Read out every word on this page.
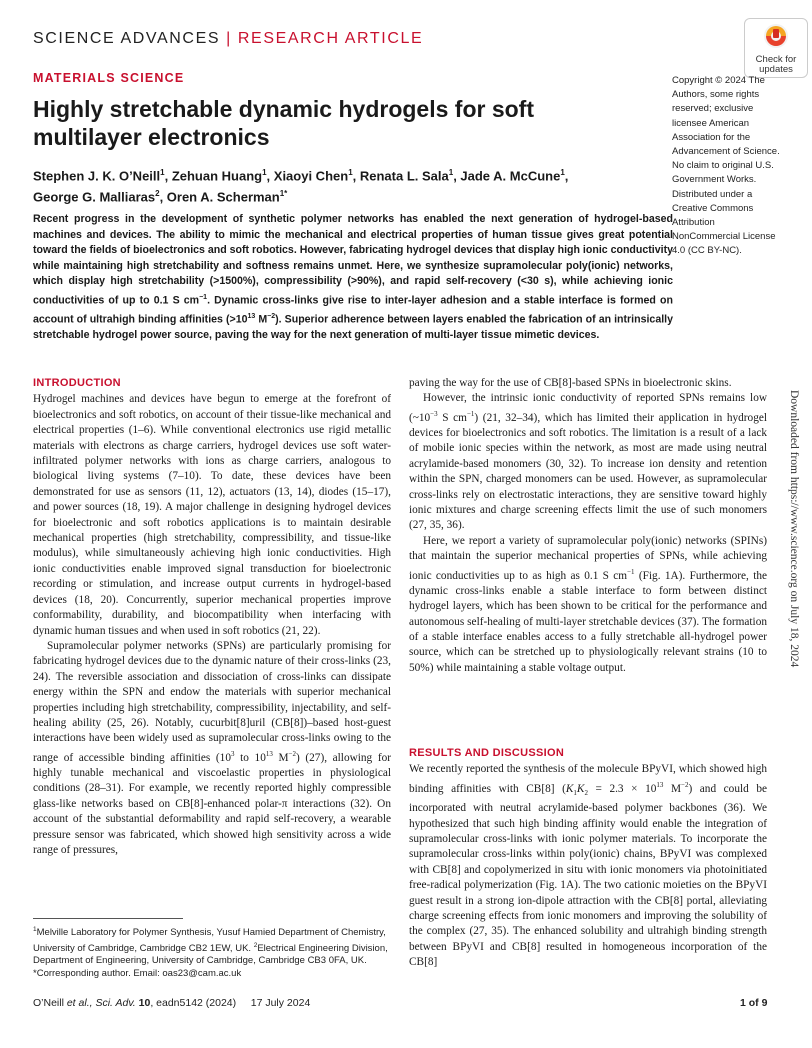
SCIENCE ADVANCES | RESEARCH ARTICLE
Check for updates
MATERIALS SCIENCE
Highly stretchable dynamic hydrogels for soft multilayer electronics
Stephen J. K. O’Neill$^1$, Zehuan Huang$^1$, Xiaoyi Chen$^1$, Renata L. Sala$^1$, Jade A. McCune$^1$,
George G. Malliaras$^2$, Oren A. Scherman$^{1*}$
Copyright © 2024 The Authors, some rights reserved; exclusive licensee American Association for the Advancement of Science. No claim to original U.S. Government Works. Distributed under a Creative Commons Attribution NonCommercial License 4.0 (CC BY-NC).
Recent progress in the development of synthetic polymer networks has enabled the next generation of hydrogel-based machines and devices. The ability to mimic the mechanical and electrical properties of human tissue gives great potential toward the fields of bioelectronics and soft robotics. However, fabricating hydrogel devices that display high ionic conductivity while maintaining high stretchability and softness remains unmet. Here, we synthesize supramolecular poly(ionic) networks, which display high stretchability (>1500%), compressibility (>90%), and rapid self-recovery (<30 s), while achieving ionic conductivities of up to 0.1 S $cm^{-1}$. Dynamic cross-links give rise to inter-layer adhesion and a stable interface is formed on account of ultrahigh binding affinities ($>10^{13}$ $M^{-2}$). Superior adherence between layers enabled the fabrication of an intrinsically stretchable hydrogel power source, paving the way for the next generation of multi-layer tissue mimetic devices.
INTRODUCTION

Hydrogel machines and devices have begun to emerge at the forefront of bioelectronics and soft robotics, on account of their tissue-like mechanical and electrical properties (1–6). While conventional electronics use rigid metallic materials with electrons as charge carriers, hydrogel devices use soft water-infiltrated polymer networks with ions as charge carriers, analogous to biological living systems (7–10). To date, these devices have been demonstrated for use as sensors (11, 12), actuators (13, 14), diodes (15–17), and power sources (18, 19). A major challenge in designing hydrogel devices for bioelectronic and soft robotics applications is to maintain desirable mechanical properties (high stretchability, compressibility, and tissue-like modulus), while simultaneously achieving high ionic conductivities. High ionic conductivities enable improved signal transduction for bioelectronic recording or stimulation, and increase output currents in hydrogel-based devices (18, 20). Concurrently, superior mechanical properties improve conformability, durability, and biocompatibility when interfacing with dynamic human tissues and when used in soft robotics (21, 22).

Supramolecular polymer networks (SPNs) are particularly promising for fabricating hydrogel devices due to the dynamic nature of their cross-links (23, 24). The reversible association and dissociation of cross-links can dissipate energy within the SPN and endow the materials with superior mechanical properties including high stretchability, compressibility, injectability, and self-healing ability (25, 26). Notably, cucurbit[8]uril (CB[8])–based host-guest interactions have been widely used as supramolecular cross-links owing to the range of accessible binding affinities ($10^3$ to $10^{13}$ $M^{-2}$) (27), allowing for highly tunable mechanical and viscoelastic properties in physiological conditions (28–31). For example, we recently reported highly compressible glass-like networks based on CB[8]-enhanced polar-π interactions (32). On account of the substantial deformability and rapid self-recovery, a wearable pressure sensor was fabricated, which showed high sensitivity across a wide range of pressures,

paving the way for the use of CB[8]-based SPNs in bioelectronic skins.

However, the intrinsic ionic conductivity of reported SPNs remains low ($\sim 10^{-3}$ S $cm^{-1}$) (21, 32–34), which has limited their application in hydrogel devices for bioelectronics and soft robotics. The limitation is a result of a lack of mobile ionic species within the network, as most are made using neutral acrylamide-based monomers (30, 32). To increase ion density and retention within the SPN, charged monomers can be used. However, as supramolecular cross-links rely on electrostatic interactions, they are sensitive toward highly ionic mixtures and charge screening effects limit the use of such monomers (27, 35, 36).

Here, we report a variety of supramolecular poly(ionic) networks (SPINs) that maintain the superior mechanical properties of SPNs, while achieving ionic conductivities up to as high as 0.1 S $cm^{-1}$ (Fig. 1A). Furthermore, the dynamic cross-links enable a stable interface to form between distinct hydrogel layers, which has been shown to be critical for the performance and autonomous self-healing of multi-layer stretchable devices (37). The formation of a stable interface enables access to a fully stretchable all-hydrogel power source, which can be stretched up to physiologically relevant strains (10 to 50%) while maintaining a stable voltage output.

RESULTS AND DISCUSSION

We recently reported the synthesis of the molecule BPyVI, which showed high binding affinities with CB[8] ($K_1K_2 = 2.3 \times 10^{13}$ $M^{-2}$) and could be incorporated with neutral acrylamide-based polymer backbones (36). We hypothesized that such high binding affinity would enable the integration of supramolecular cross-links with ionic polymer materials. To incorporate the supramolecular cross-links within poly(ionic) chains, BPyVI was complexed with CB[8] and copolymerized in situ with ionic monomers via photoinitiated free-radical polymerization (Fig. 1A). The two cationic moieties on the BPyVI guest result in a strong ion-dipole attraction with the CB[8] portal, alleviating charge screening effects from ionic monomers and improving the solubility of the complex (27, 35). The enhanced solubility and ultrahigh binding strength between BPyVI and CB[8] resulted in homogeneous incorporation of the CB[8]

$^1$Melville Laboratory for Polymer Synthesis, Yusuf Hamied Department of Chemistry, University of Cambridge, Cambridge CB2 1EW, UK. $^2$Electrical Engineering Division, Department of Engineering, University of Cambridge, Cambridge CB3 0FA, UK.

*Corresponding author. Email: oas23@cam.ac.uk

O’Neill et al., Sci. Adv. 10, eadn5142 (2024)     17 July 2024	1 of 9
Downloaded from https://www.science.org on July 18, 2024
